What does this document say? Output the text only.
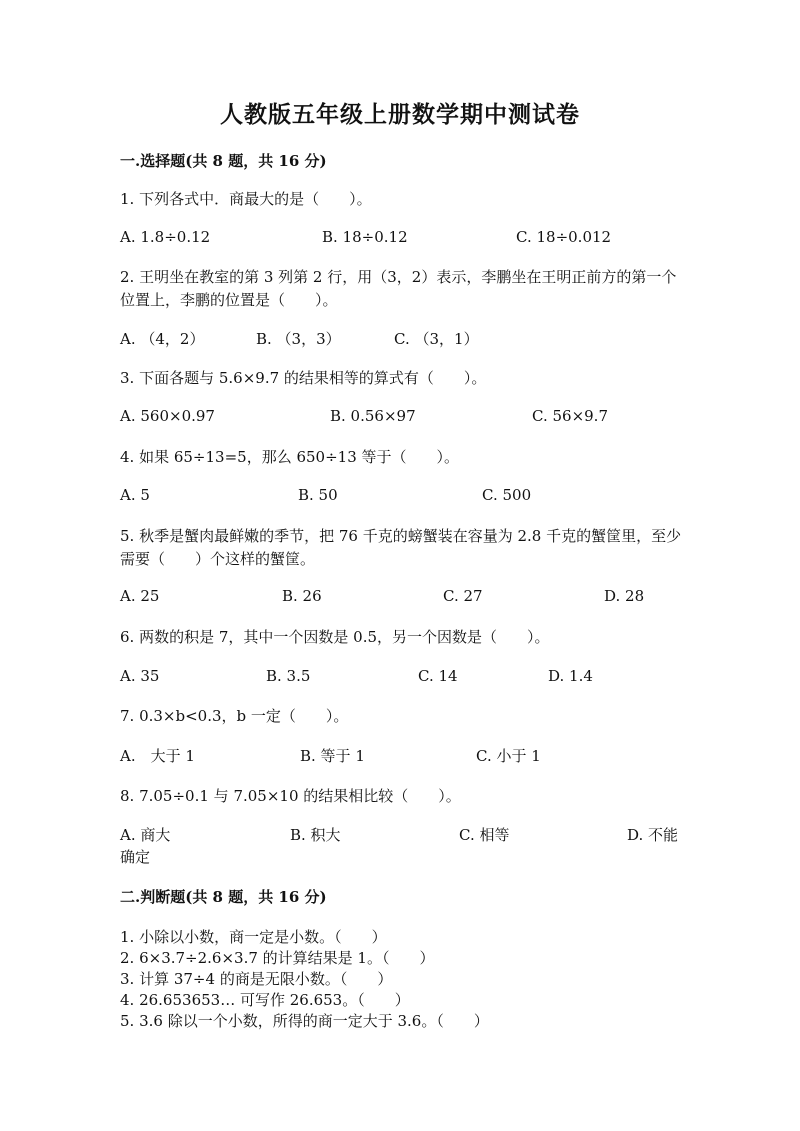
人教版五年级上册数学期中测试卷
一.选择题(共 8 题，共 16 分)
1. 下列各式中．商最大的是（　　）。
A. 1.8÷0.12	B. 18÷0.12	C. 18÷0.012
2. 王明坐在教室的第 3 列第 2 行，用（3，2）表示，李鹏坐在王明正前方的第一个位置上，李鹏的位置是（　　）。
A. （4，2）	B. （3，3）	C. （3，1）
3. 下面各题与 5.6×9.7 的结果相等的算式有（　　）。
A. 560×0.97	B. 0.56×97	C. 56×9.7
4. 如果 65÷13=5，那么 650÷13 等于（　　）。
A. 5	B. 50	C. 500
5. 秋季是蟹肉最鲜嫩的季节，把 76 千克的螃蟹装在容量为 2.8 千克的蟹筐里，至少需要（　　）个这样的蟹筐。
A. 25	B. 26	C. 27	D. 28
6. 两数的积是 7，其中一个因数是 0.5，另一个因数是（　　）。
A. 35	B. 3.5	C. 14	D. 1.4
7. 0.3×b<0.3，b 一定（　　）。
A.　大于 1	B. 等于 1	C. 小于 1
8. 7.05÷0.1 与 7.05×10 的结果相比较（　　）。
A. 商大	B. 积大	C. 相等	D. 不能
确定
二.判断题(共 8 题，共 16 分)
1. 小除以小数，商一定是小数。（　　）
2. 6×3.7÷2.6×3.7 的计算结果是 1。（　　）
3. 计算 37÷4 的商是无限小数。（　　）
4. 26.653653… 可写作 26.653。（　　）
5. 3.6 除以一个小数，所得的商一定大于 3.6。（　　）
